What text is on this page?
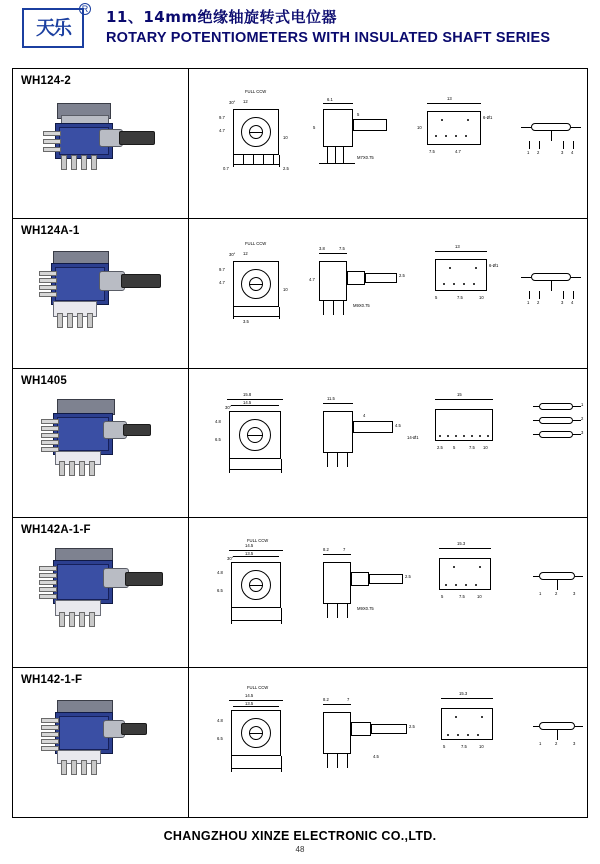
天乐
R 11、14mm绝缘轴旋转式电位器
ROTARY POTENTIOMETERS WITH INSULATED SHAFT SERIES
WH124-2
9.7
4.7
12
10
0.7	2.5
30°
FULL CCW
6.1
5
5
M7X0.75
13
6-Ø1
10
7.5	4.7	1 2	3 4
WH124A-1
9.7
4.7
12
10
3.5
30°
FULL CCW
3.8	7.5
4.7
M9X0.75
2.5
13
6-Ø1
5	7.5	10
1 2	3 4
WH1405
15.8
14.5
4.8
6.5
30°
11.5
4
4.5
15
14-Ø1
2.5 5	7.5 10
1
2
3
WH142A-1-F
14.5
13.5
4.8
6.5
30°
FULL CCW
8.2	7
M9X0.75
2.5
15.3
5	7.5	10
1	2	3
WH142-1-F
14.5
13.5
4.8
6.5
FULL CCW
8.2	7
4.5
2.5
15.3
5	7.5	10
1	2	3
CHANGZHOU XINZE ELECTRONIC CO.,LTD.
48
